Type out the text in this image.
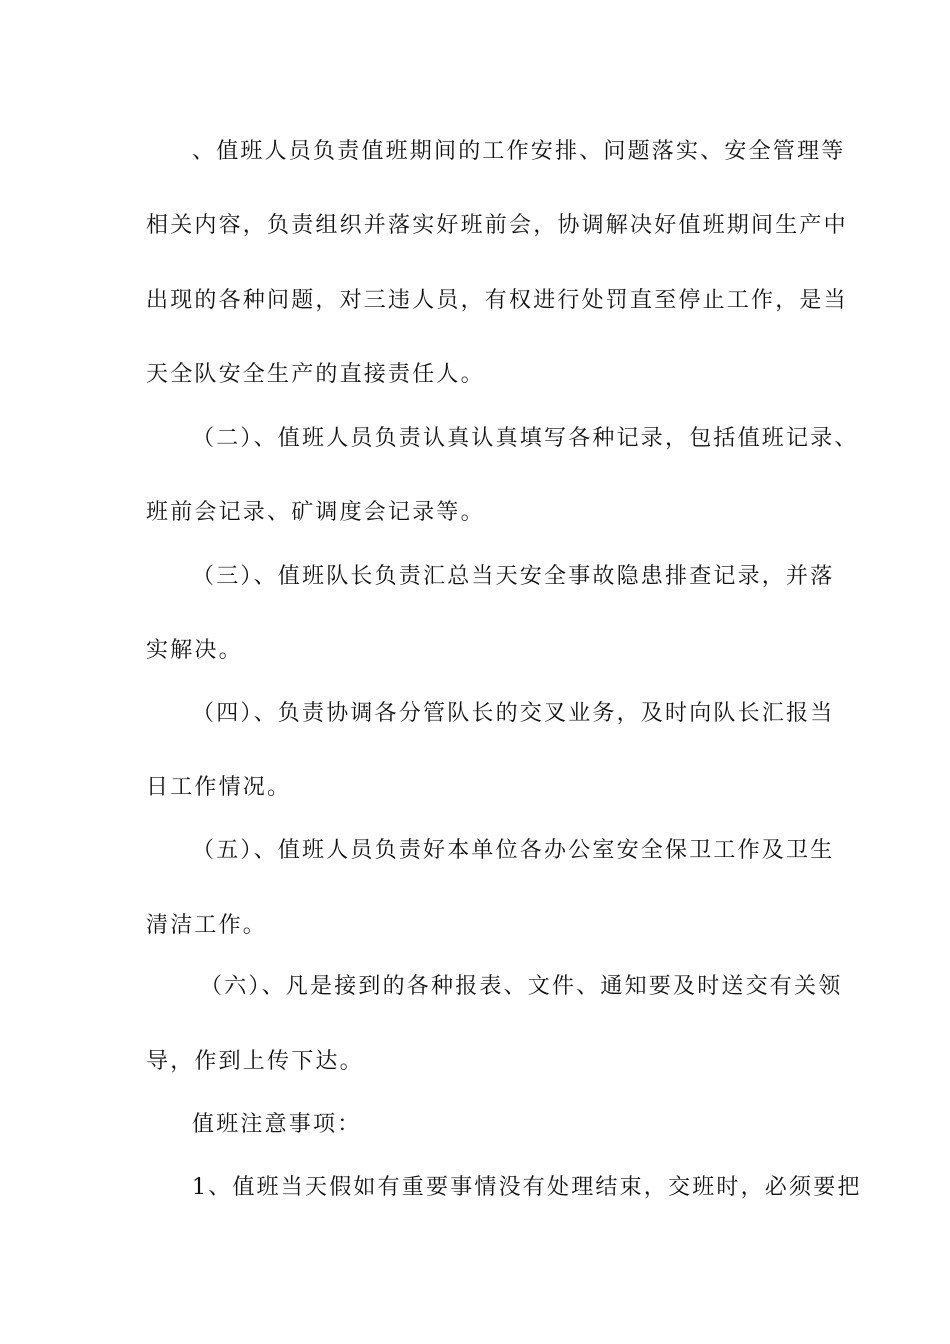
、值班人员负责值班期间的工作安排、问题落实、安全管理等
相关内容，负责组织并落实好班前会，协调解决好值班期间生产中
出现的各种问题，对三违人员，有权进行处罚直至停止工作，是当
天全队安全生产的直接责任人。
（二）、值班人员负责认真认真填写各种记录，包括值班记录、
班前会记录、矿调度会记录等。
（三）、值班队长负责汇总当天安全事故隐患排查记录，并落
实解决。
（四）、负责协调各分管队长的交叉业务，及时向队长汇报当
日工作情况。
（五）、值班人员负责好本单位各办公室安全保卫工作及卫生
清洁工作。
（六）、凡是接到的各种报表、文件、通知要及时送交有关领
导，作到上传下达。
值班注意事项：
1、值班当天假如有重要事情没有处理结束，交班时，必须要把
